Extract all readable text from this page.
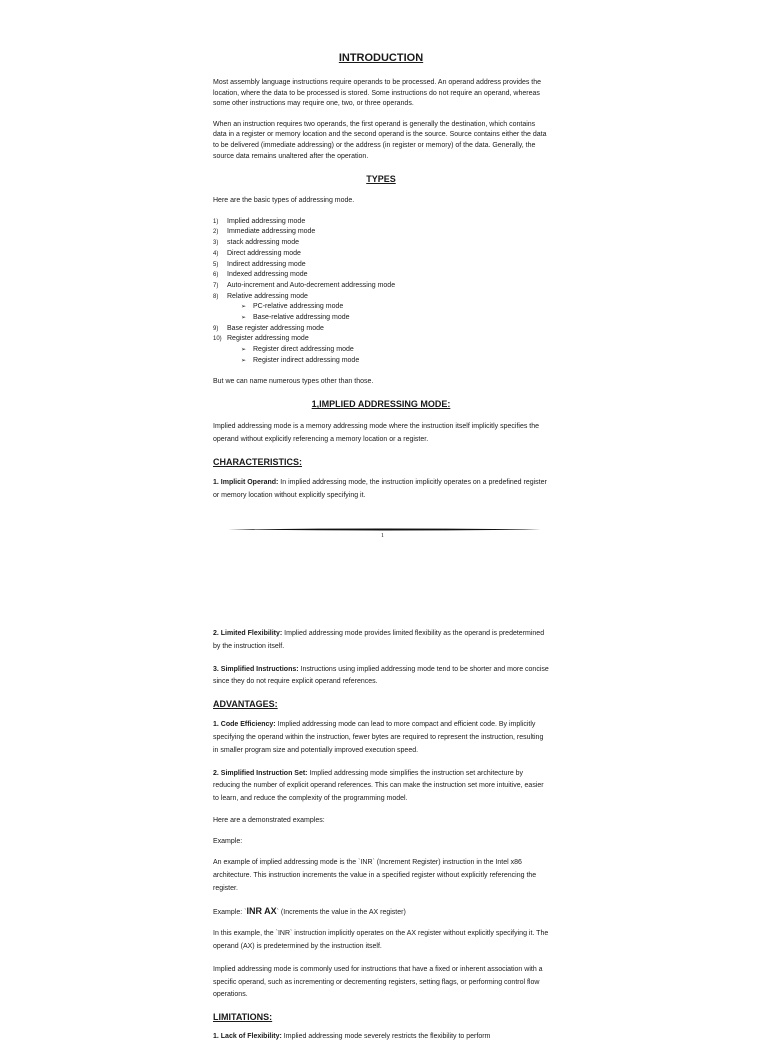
INTRODUCTION

Most assembly language instructions require operands to be processed. An operand address provides the location, where the data to be processed is stored. Some instructions do not require an operand, whereas some other instructions may require one, two, or three operands.

When an instruction requires two operands, the first operand is generally the destination, which contains data in a register or memory location and the second operand is the source. Source contains either the data to be delivered (immediate addressing) or the address (in register or memory) of the data. Generally, the source data remains unaltered after the operation.

TYPES

Here are the basic types of addressing mode.

1) Implied addressing mode
2) Immediate addressing mode
3) stack addressing mode
4) Direct addressing mode
5) Indirect addressing mode
6) Indexed addressing mode
7) Auto-increment and Auto-decrement addressing mode
8) Relative addressing mode
➢ PC-relative addressing mode
➢ Base-relative addressing mode
9) Base register addressing mode
10) Register addressing mode
➢ Register direct addressing mode
➢ Register indirect addressing mode

But we can name numerous types other than those.

1,IMPLIED ADDRESSING MODE:

Implied addressing mode is a memory addressing mode where the instruction itself implicitly specifies the operand without explicitly referencing a memory location or a register.

CHARACTERISTICS:

1. Implicit Operand: In implied addressing mode, the instruction implicitly operates on a predefined register or memory location without explicitly specifying it.

1

2. Limited Flexibility: Implied addressing mode provides limited flexibility as the operand is predetermined by the instruction itself.

3. Simplified Instructions: Instructions using implied addressing mode tend to be shorter and more concise since they do not require explicit operand references.

ADVANTAGES:

1. Code Efficiency: Implied addressing mode can lead to more compact and efficient code. By implicitly specifying the operand within the instruction, fewer bytes are required to represent the instruction, resulting in smaller program size and potentially improved execution speed.

2. Simplified Instruction Set: Implied addressing mode simplifies the instruction set architecture by reducing the number of explicit operand references. This can make the instruction set more intuitive, easier to learn, and reduce the complexity of the programming model.

Here are a demonstrated examples:

Example:

An example of implied addressing mode is the `INR` (Increment Register) instruction in the Intel x86 architecture. This instruction increments the value in a specified register without explicitly referencing the register.

Example: `INR AX` (Increments the value in the AX register)

In this example, the `INR` instruction implicitly operates on the AX register without explicitly specifying it. The operand (AX) is predetermined by the instruction itself.

Implied addressing mode is commonly used for instructions that have a fixed or inherent association with a specific operand, such as incrementing or decrementing registers, setting flags, or performing control flow operations.

LIMITATIONS:

1. Lack of Flexibility: Implied addressing mode severely restricts the flexibility to perform
